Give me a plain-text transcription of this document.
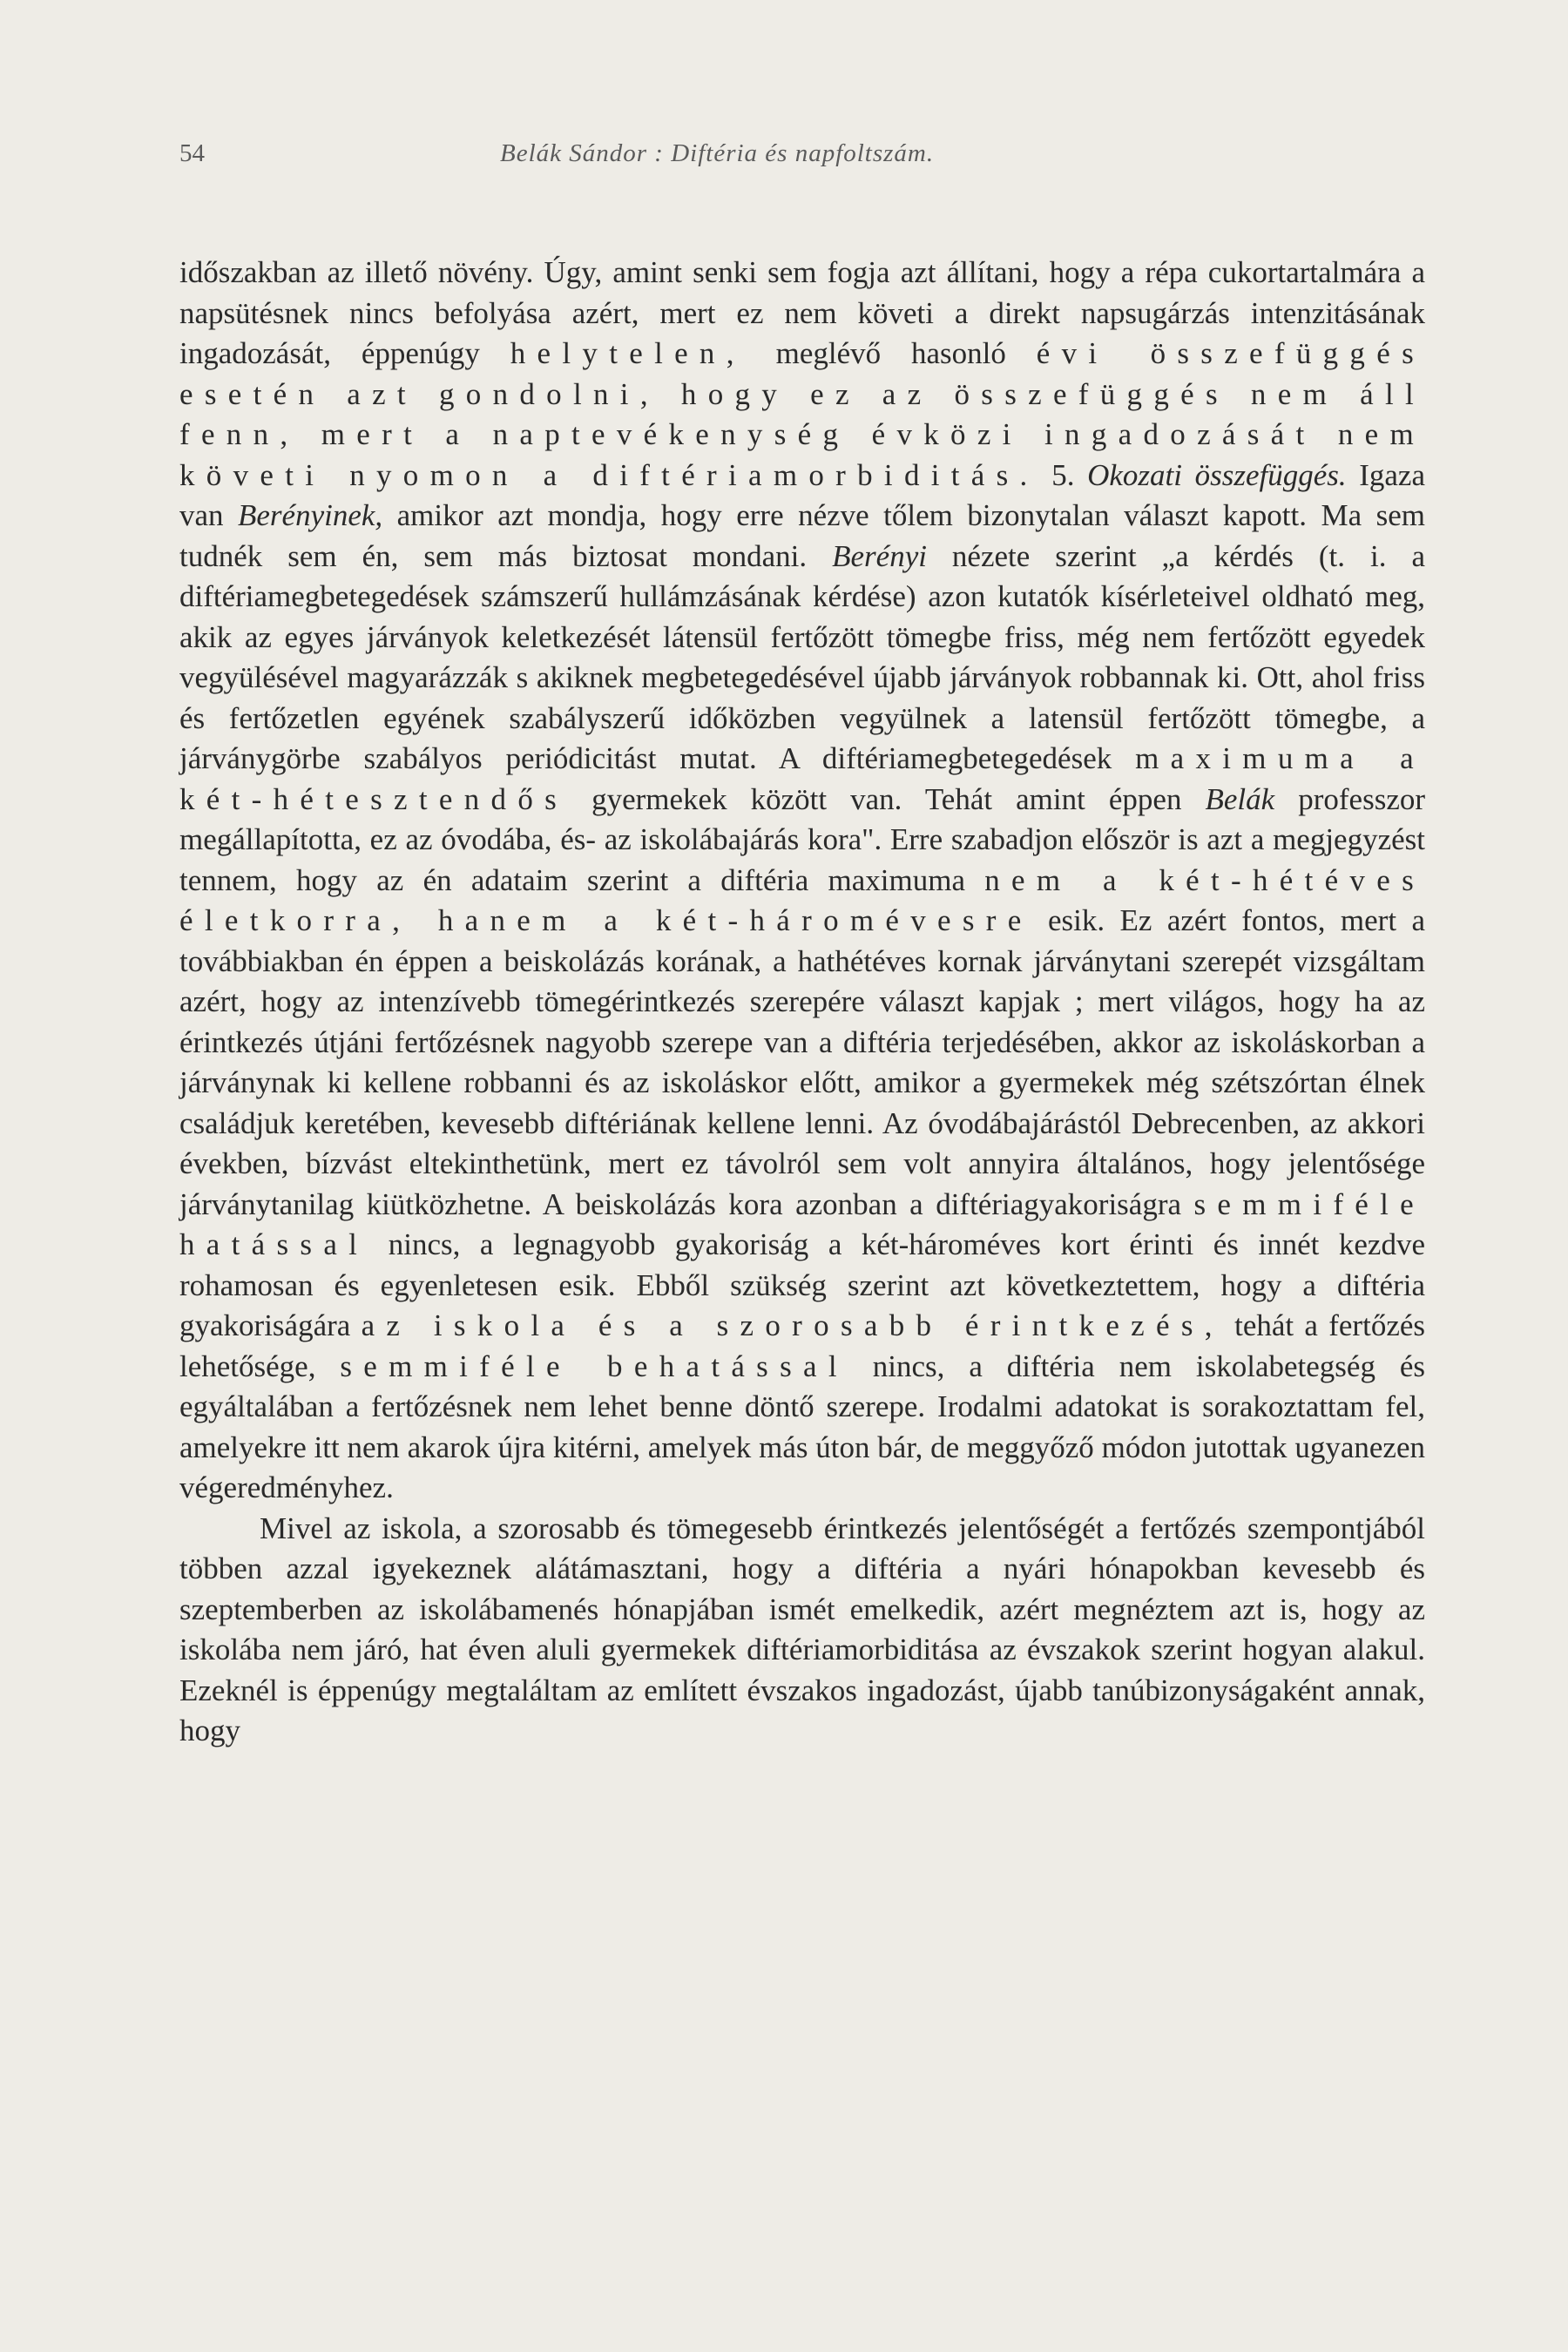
54	Belák Sándor : Diftéria és napfoltszám.

időszakban az illető növény. Úgy, amint senki sem fogja azt állítani, hogy a répa cukortartalmára a napsütésnek nincs befolyása azért, mert ez nem követi a direkt napsugárzás intenzitásának ingadozását, éppenúgy helytelen, meglévő hasonló évi összefüggés esetén azt gondolni, hogy ez az összefüggés nem áll fenn, mert a naptevékenység évközi ingadozását nem követi nyomon a diftériamorbiditás. 5. Okozati összefüggés. Igaza van Berényinek, amikor azt mondja, hogy erre nézve tőlem bizonytalan választ kapott. Ma sem tudnék sem én, sem más biztosat mondani. Berényi nézete szerint „a kérdés (t. i. a diftériamegbetegedések számszerű hullámzásának kérdése) azon kutatók kísérleteivel oldható meg, akik az egyes járványok keletkezését látensül fertőzött tömegbe friss, még nem fertőzött egyedek vegyülésével magyarázzák s akiknek megbetegedésével újabb járványok robbannak ki. Ott, ahol friss és fertőzetlen egyének szabályszerű időközben vegyülnek a latensül fertőzött tömegbe, a járványgörbe szabályos periódicitást mutat. A diftériamegbetegedések maximuma a két-hétesztendős gyermekek között van. Tehát amint éppen Belák professzor megállapította, ez az óvodába, és- az iskolábajárás kora". Erre szabadjon először is azt a megjegyzést tennem, hogy az én adataim szerint a diftéria maximuma nem a két-hétéves életkorra, hanem a két-háromévesre esik. Ez azért fontos, mert a továbbiakban én éppen a beiskolázás korának, a hathétéves kornak járványtani szerepét vizsgáltam azért, hogy az intenzívebb tömegérintkezés szerepére választ kapjak ; mert világos, hogy ha az érintkezés útjáni fertőzésnek nagyobb szerepe van a diftéria terjedésében, akkor az iskoláskorban a járványnak ki kellene robbanni és az iskoláskor előtt, amikor a gyermekek még szétszórtan élnek családjuk keretében, kevesebb diftériának kellene lenni. Az óvodábajárástól Debrecenben, az akkori években, bízvást eltekinthetünk, mert ez távolról sem volt annyira általános, hogy jelentősége járványtanilag kiütközhetne. A beiskolázás kora azonban a diftériagyakoriságra semmiféle hatással nincs, a legnagyobb gyakoriság a két-hároméves kort érinti és innét kezdve rohamosan és egyenletesen esik. Ebből szükség szerint azt következtettem, hogy a diftéria gyakoriságára az iskola és a szorosabb érintkezés, tehát a fertőzés lehetősége, semmiféle behatással nincs, a diftéria nem iskolabetegség és egyáltalában a fertőzésnek nem lehet benne döntő szerepe. Irodalmi adatokat is sorakoztattam fel, amelyekre itt nem akarok újra kitérni, amelyek más úton bár, de meggyőző módon jutottak ugyanezen végeredményhez.

Mivel az iskola, a szorosabb és tömegesebb érintkezés jelentőségét a fertőzés szempontjából többen azzal igyekeznek alátámasztani, hogy a diftéria a nyári hónapokban kevesebb és szeptemberben az iskolábamenés hónapjában ismét emelkedik, azért megnéztem azt is, hogy az iskolába nem járó, hat éven aluli gyermekek diftériamorbiditása az évszakok szerint hogyan alakul. Ezeknél is éppenúgy megtaláltam az említett évszakos ingadozást, újabb tanúbizonyságaként annak, hogy
